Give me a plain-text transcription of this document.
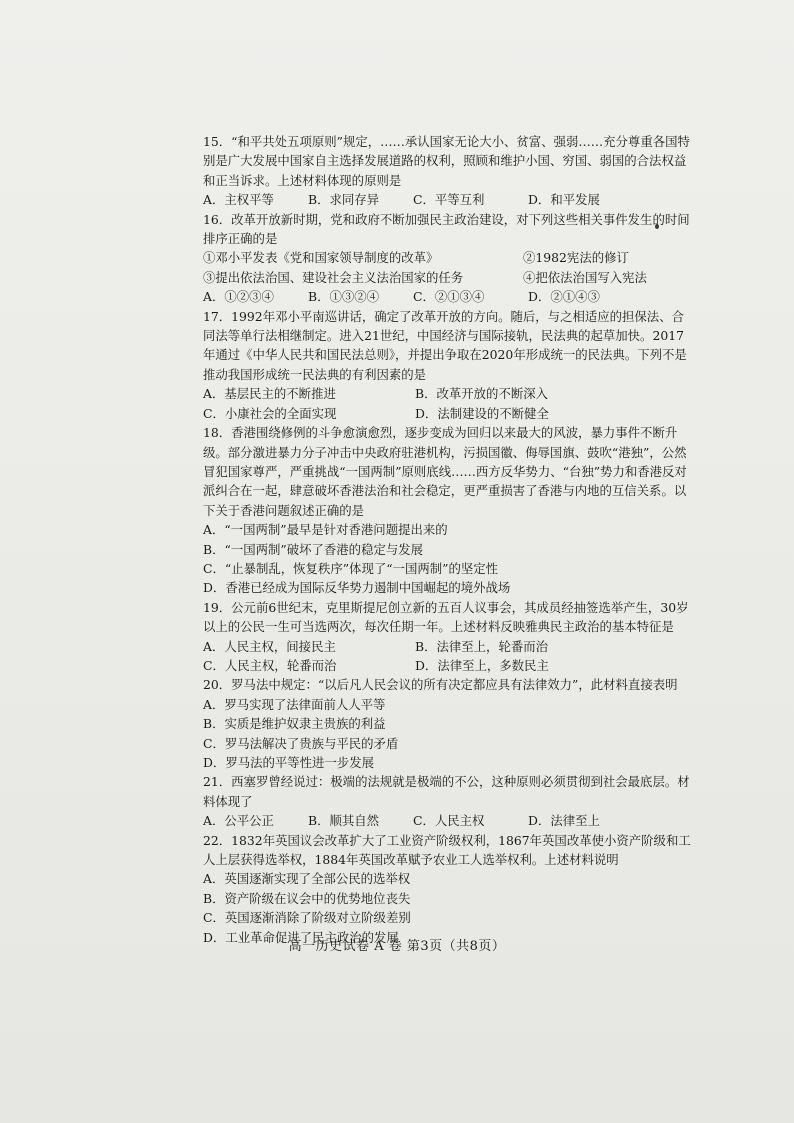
15．“和平共处五项原则”规定，……承认国家无论大小、贫富、强弱……充分尊重各国特别是广大发展中国家自主选择发展道路的权利，照顾和维护小国、穷国、弱国的合法权益和正当诉求。上述材料体现的原则是
A．主权平等	B．求同存异	C．平等互利	D．和平发展
16．改革开放新时期，党和政府不断加强民主政治建设，对下列这些相关事件发生的时间排序正确的是
①邓小平发表《党和国家领导制度的改革》	②1982宪法的修订
③提出依法治国、建设社会主义法治国家的任务	④把依法治国写入宪法
A．①②③④	B．①③②④	C．②①③④	D．②①④③
17．1992年邓小平南巡讲话，确定了改革开放的方向。随后，与之相适应的担保法、合同法等单行法相继制定。进入21世纪，中国经济与国际接轨，民法典的起草加快。2017年通过《中华人民共和国民法总则》，并提出争取在2020年形成统一的民法典。下列不是推动我国形成统一民法典的有利因素的是
A．基层民主的不断推进	B．改革开放的不断深入
C．小康社会的全面实现	D．法制建设的不断健全
18．香港围绕修例的斗争愈演愈烈，逐步变成为回归以来最大的风波，暴力事件不断升级。部分激进暴力分子冲击中央政府驻港机构，污损国徽、侮辱国旗、鼓吹“港独”，公然冒犯国家尊严，严重挑战“一国两制”原则底线……西方反华势力、“台独”势力和香港反对派纠合在一起，肆意破坏香港法治和社会稳定，更严重损害了香港与内地的互信关系。以下关于香港问题叙述正确的是
A．“一国两制”最早是针对香港问题提出来的
B．“一国两制”破坏了香港的稳定与发展
C．“止暴制乱，恢复秩序”体现了“一国两制”的坚定性
D．香港已经成为国际反华势力遏制中国崛起的境外战场
19．公元前6世纪末，克里斯提尼创立新的五百人议事会，其成员经抽签选举产生，30岁以上的公民一生可当选两次，每次任期一年。上述材料反映雅典民主政治的基本特征是
A．人民主权，间接民主	B．法律至上，轮番而治
C．人民主权，轮番而治	D．法律至上，多数民主
20．罗马法中规定：“以后凡人民会议的所有决定都应具有法律效力”，此材料直接表明
A．罗马实现了法律面前人人平等
B．实质是维护奴隶主贵族的利益
C．罗马法解决了贵族与平民的矛盾
D．罗马法的平等性进一步发展
21．西塞罗曾经说过：极端的法规就是极端的不公，这种原则必须贯彻到社会最底层。材料体现了
A．公平公正	B．顺其自然	C．人民主权	D．法律至上
22．1832年英国议会改革扩大了工业资产阶级权利，1867年英国改革使小资产阶级和工人上层获得选举权，1884年英国改革赋予农业工人选举权利。上述材料说明
A．英国逐渐实现了全部公民的选举权
B．资产阶级在议会中的优势地位丧失
C．英国逐渐消除了阶级对立阶级差别
D．工业革命促进了民主政治的发展
高一历史试卷 A 卷 第3页（共8页）
